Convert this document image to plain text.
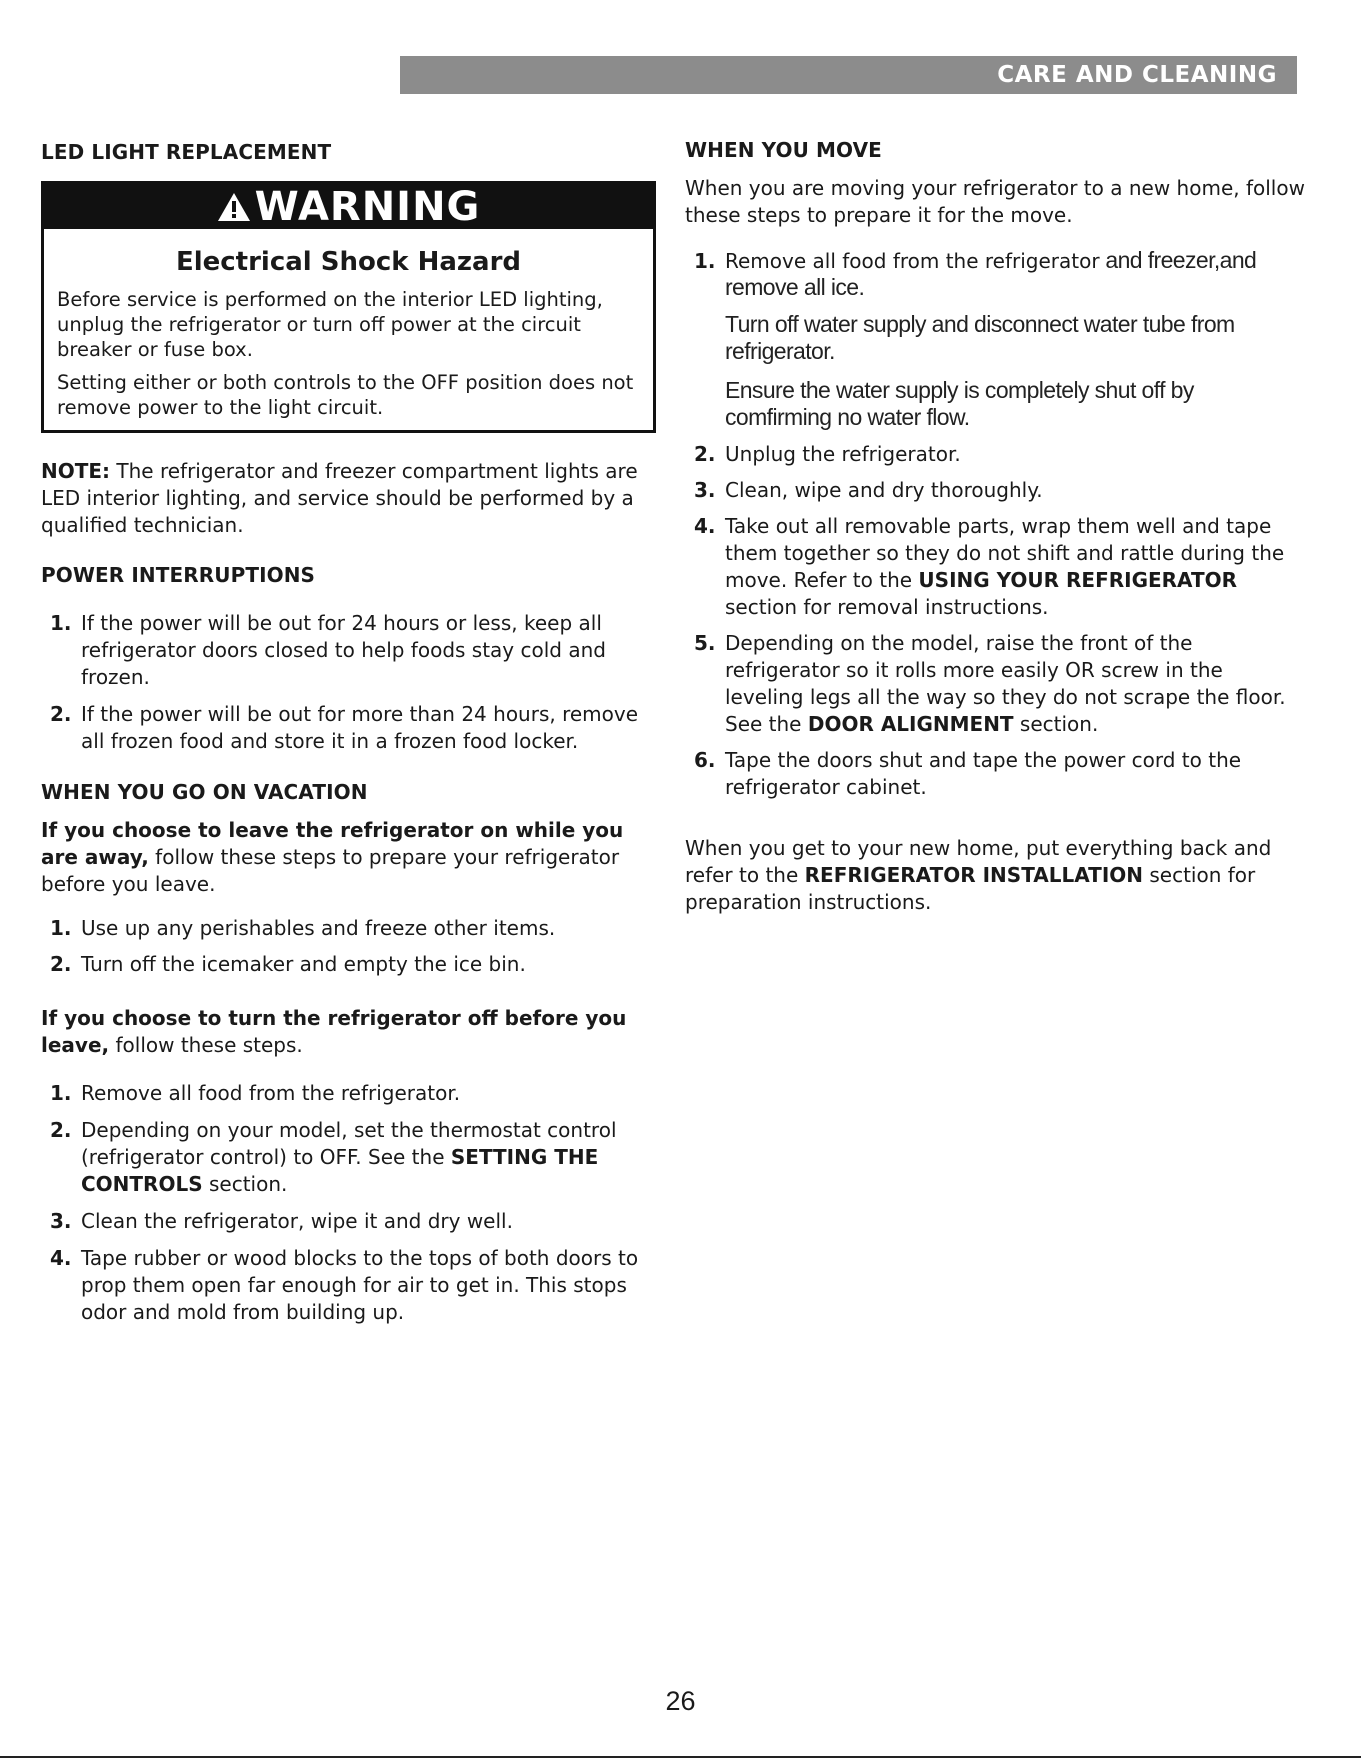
CARE AND CLEANING
LED LIGHT REPLACEMENT
WARNING
Electrical Shock Hazard
Before service is performed on the interior LED lighting, unplug the refrigerator or turn off power at the circuit breaker or fuse box.
Setting either or both controls to the OFF position does not remove power to the light circuit.

NOTE: The refrigerator and freezer compartment lights are LED interior lighting, and service should be performed by a qualified technician.

POWER INTERRUPTIONS
1. If the power will be out for 24 hours or less, keep all refrigerator doors closed to help foods stay cold and frozen.
2. If the power will be out for more than 24 hours, remove all frozen food and store it in a frozen food locker.
WHEN YOU GO ON VACATION

If you choose to leave the refrigerator on while you are away, follow these steps to prepare your refrigerator before you leave.

1. Use up any perishables and freeze other items.
2. Turn off the icemaker and empty the ice bin.

If you choose to turn the refrigerator off before you leave, follow these steps.

1. Remove all food from the refrigerator.
2. Depending on your model, set the thermostat control (refrigerator control) to OFF. See the SETTING THE CONTROLS section.
3. Clean the refrigerator, wipe it and dry well.
4. Tape rubber or wood blocks to the tops of both doors to prop them open far enough for air to get in. This stops odor and mold from building up.
WHEN YOU MOVE

When you are moving your refrigerator to a new home, follow these steps to prepare it for the move.

1. Remove all food from the refrigerator and freezer,and remove all ice.
Turn off water supply and disconnect water tube from refrigerator.
Ensure the water supply is completely shut off by comfirming no water flow.
2. Unplug the refrigerator.
3. Clean, wipe and dry thoroughly.
4. Take out all removable parts, wrap them well and tape them together so they do not shift and rattle during the move. Refer to the USING YOUR REFRIGERATOR section for removal instructions.
5. Depending on the model, raise the front of the refrigerator so it rolls more easily OR screw in the leveling legs all the way so they do not scrape the floor. See the DOOR ALIGNMENT section.
6. Tape the doors shut and tape the power cord to the refrigerator cabinet.

When you get to your new home, put everything back and refer to the REFRIGERATOR INSTALLATION section for preparation instructions.

26
